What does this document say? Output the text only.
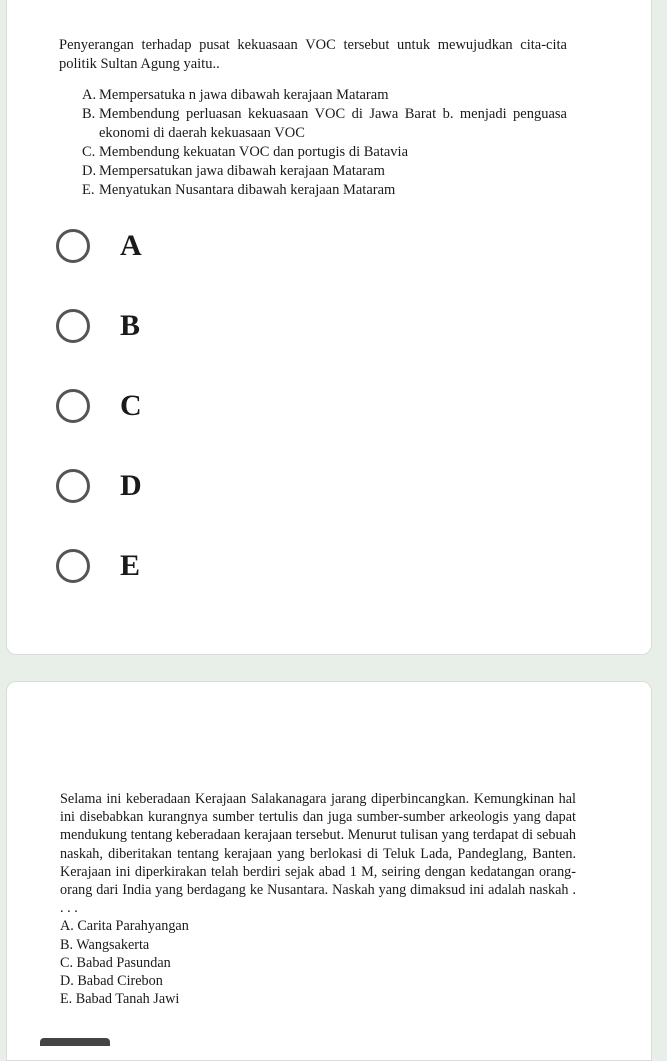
Penyerangan terhadap pusat kekuasaan VOC tersebut untuk mewujudkan cita-cita politik Sultan Agung yaitu..

A. Mempersatuka n jawa dibawah kerajaan Mataram
B. Membendung perluasan kekuasaan VOC di Jawa Barat b. menjadi penguasa ekonomi di daerah kekuasaan VOC
C. Membendung kekuatan VOC dan portugis di Batavia
D. Mempersatukan jawa dibawah kerajaan Mataram
E. Menyatukan Nusantara dibawah kerajaan Mataram
A
B
C
D
E

Selama ini keberadaan Kerajaan Salakanagara jarang diperbincangkan. Kemungkinan hal ini disebabkan kurangnya sumber tertulis dan juga sumber-sumber arkeologis yang dapat mendukung tentang keberadaan kerajaan tersebut. Menurut tulisan yang terdapat di sebuah naskah, diberitakan tentang kerajaan yang berlokasi di Teluk Lada, Pandeglang, Banten. Kerajaan ini diperkirakan telah berdiri sejak abad 1 M, seiring dengan kedatangan orang-orang dari India yang berdagang ke Nusantara. Naskah yang dimaksud ini adalah naskah . . . .

A. Carita Parahyangan

B. Wangsakerta

C. Babad Pasundan

D. Babad Cirebon

E. Babad Tanah Jawi
